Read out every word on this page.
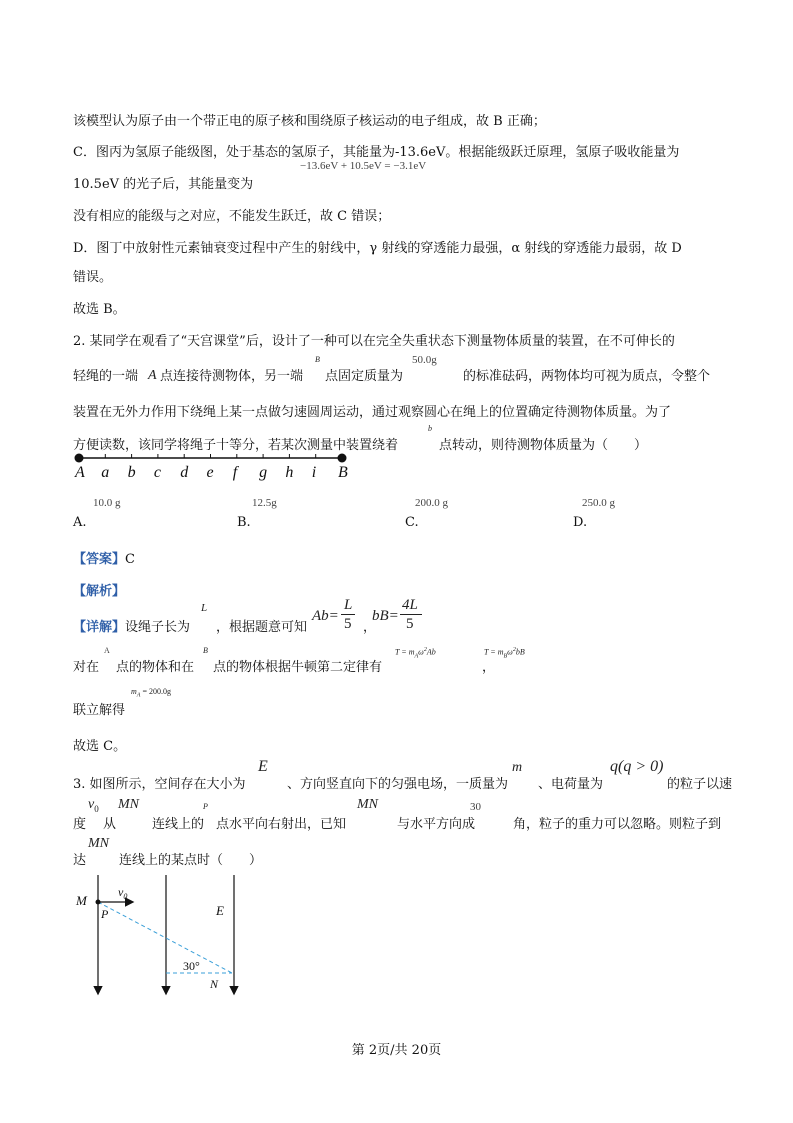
该模型认为原子由一个带正电的原子核和围绕原子核运动的电子组成，故 B 正确；
C．图丙为氢原子能级图，处于基态的氢原子，其能量为-13.6eV。根据能级跃迁原理，氢原子吸收能量为
−13.6eV + 10.5eV = −3.1eV
10.5eV 的光子后，其能量变为
没有相应的能级与之对应，不能发生跃迁，故 C 错误；
D．图丁中放射性元素铀衰变过程中产生的射线中，γ 射线的穿透能力最强，α 射线的穿透能力最弱，故 D
错误。
故选 B。
2. 某同学在观看了“天宫课堂”后，设计了一种可以在完全失重状态下测量物体质量的装置，在不可伸长的
B	50.0g
轻绳的一端 A 点连接待测物体，另一端 点固定质量为	的标准砝码，两物体均可视为质点，令整个
装置在无外力作用下绕绳上某一点做匀速圆周运动，通过观察圆心在绳上的位置确定待测物体质量。为了
b
方便读数，该同学将绳子十等分，若某次测量中装置绕着	点转动，则待测物体质量为（　　）
A a b c d e f g h i B
10.0 g	12.5g	200.0 g	250.0 g
A.	B.	C.	D.
【答案】C
【解析】
L
【详解】设绳子长为 ，根据题意可知
Ab=
L
5 ，
bB=
4L
5
A	B
对在 点的物体和在 点的物体根据牛顿第二定律有
$T = m_A\omega^2Ab$	$T = m_B\omega^2bB$
，
$m_A = 200.0g$
联立解得
故选 C。
E	m	q(q > 0)
3. 如图所示，空间存在大小为	、方向竖直向下的匀强电场，一质量为 、电荷量为	的粒子以速
$v_0$ MN	P	MN	30
度 从	连线上的 点水平向右射出，已知	与水平方向成	角，粒子的重力可以忽略。则粒子到
MN
达	连线上的某点时（　　）
M
$v_0$
P	E
30°
N
第 2页/共 20页
